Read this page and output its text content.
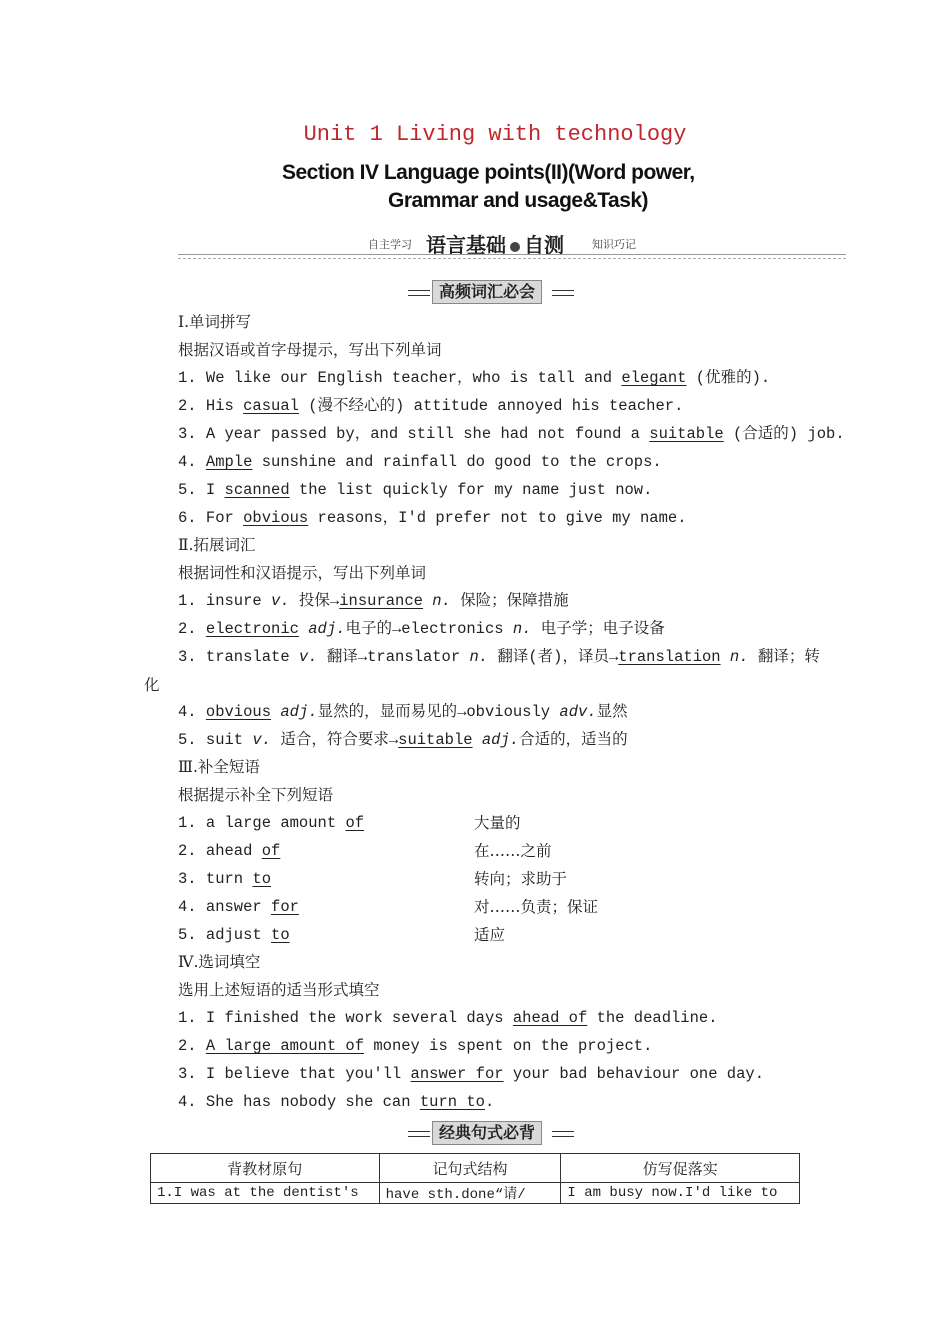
Unit 1 Living with technology
Section IV Language points(II)(Word power,
Grammar and usage&Task)
自主学习 语言基础 自测	知识巧记
高频词汇必会
Ⅰ.单词拼写
根据汉语或首字母提示，写出下列单词
1. We like our English teacher，who is tall and elegant (优雅的).
2. His casual (漫不经心的) attitude annoyed his teacher.
3. A year passed by，and still she had not found a suitable (合适的) job.
4. Ample sunshine and rainfall do good to the crops.
5. I scanned the list quickly for my name just now.
6. For obvious reasons，I'd prefer not to give my name.
Ⅱ.拓展词汇
根据词性和汉语提示，写出下列单词
1. insure v. 投保→insurance n. 保险；保障措施
2. electronic adj.电子的→electronics n. 电子学；电子设备
3. translate v. 翻译→translator n. 翻译(者)，译员→translation n. 翻译；转
化
4. obvious adj.显然的，显而易见的→obviously adv.显然
5. suit v. 适合，符合要求→suitable adj.合适的，适当的
Ⅲ.补全短语
根据提示补全下列短语
1. a large amount of	大量的
2. ahead of	在……之前
3. turn to	转向；求助于
4. answer for	对……负责；保证
5. adjust to	适应
Ⅳ.选词填空
选用上述短语的适当形式填空
1. I finished the work several days ahead of the deadline.
2. A large amount of money is spent on the project.
3. I believe that you'll answer for your bad behaviour one day.
4. She has nobody she can turn to.
经典句式必背
背教材原句	记句式结构	仿写促落实
1.I was at the dentist's	have sth.done“请/	I am busy now.I'd like to
